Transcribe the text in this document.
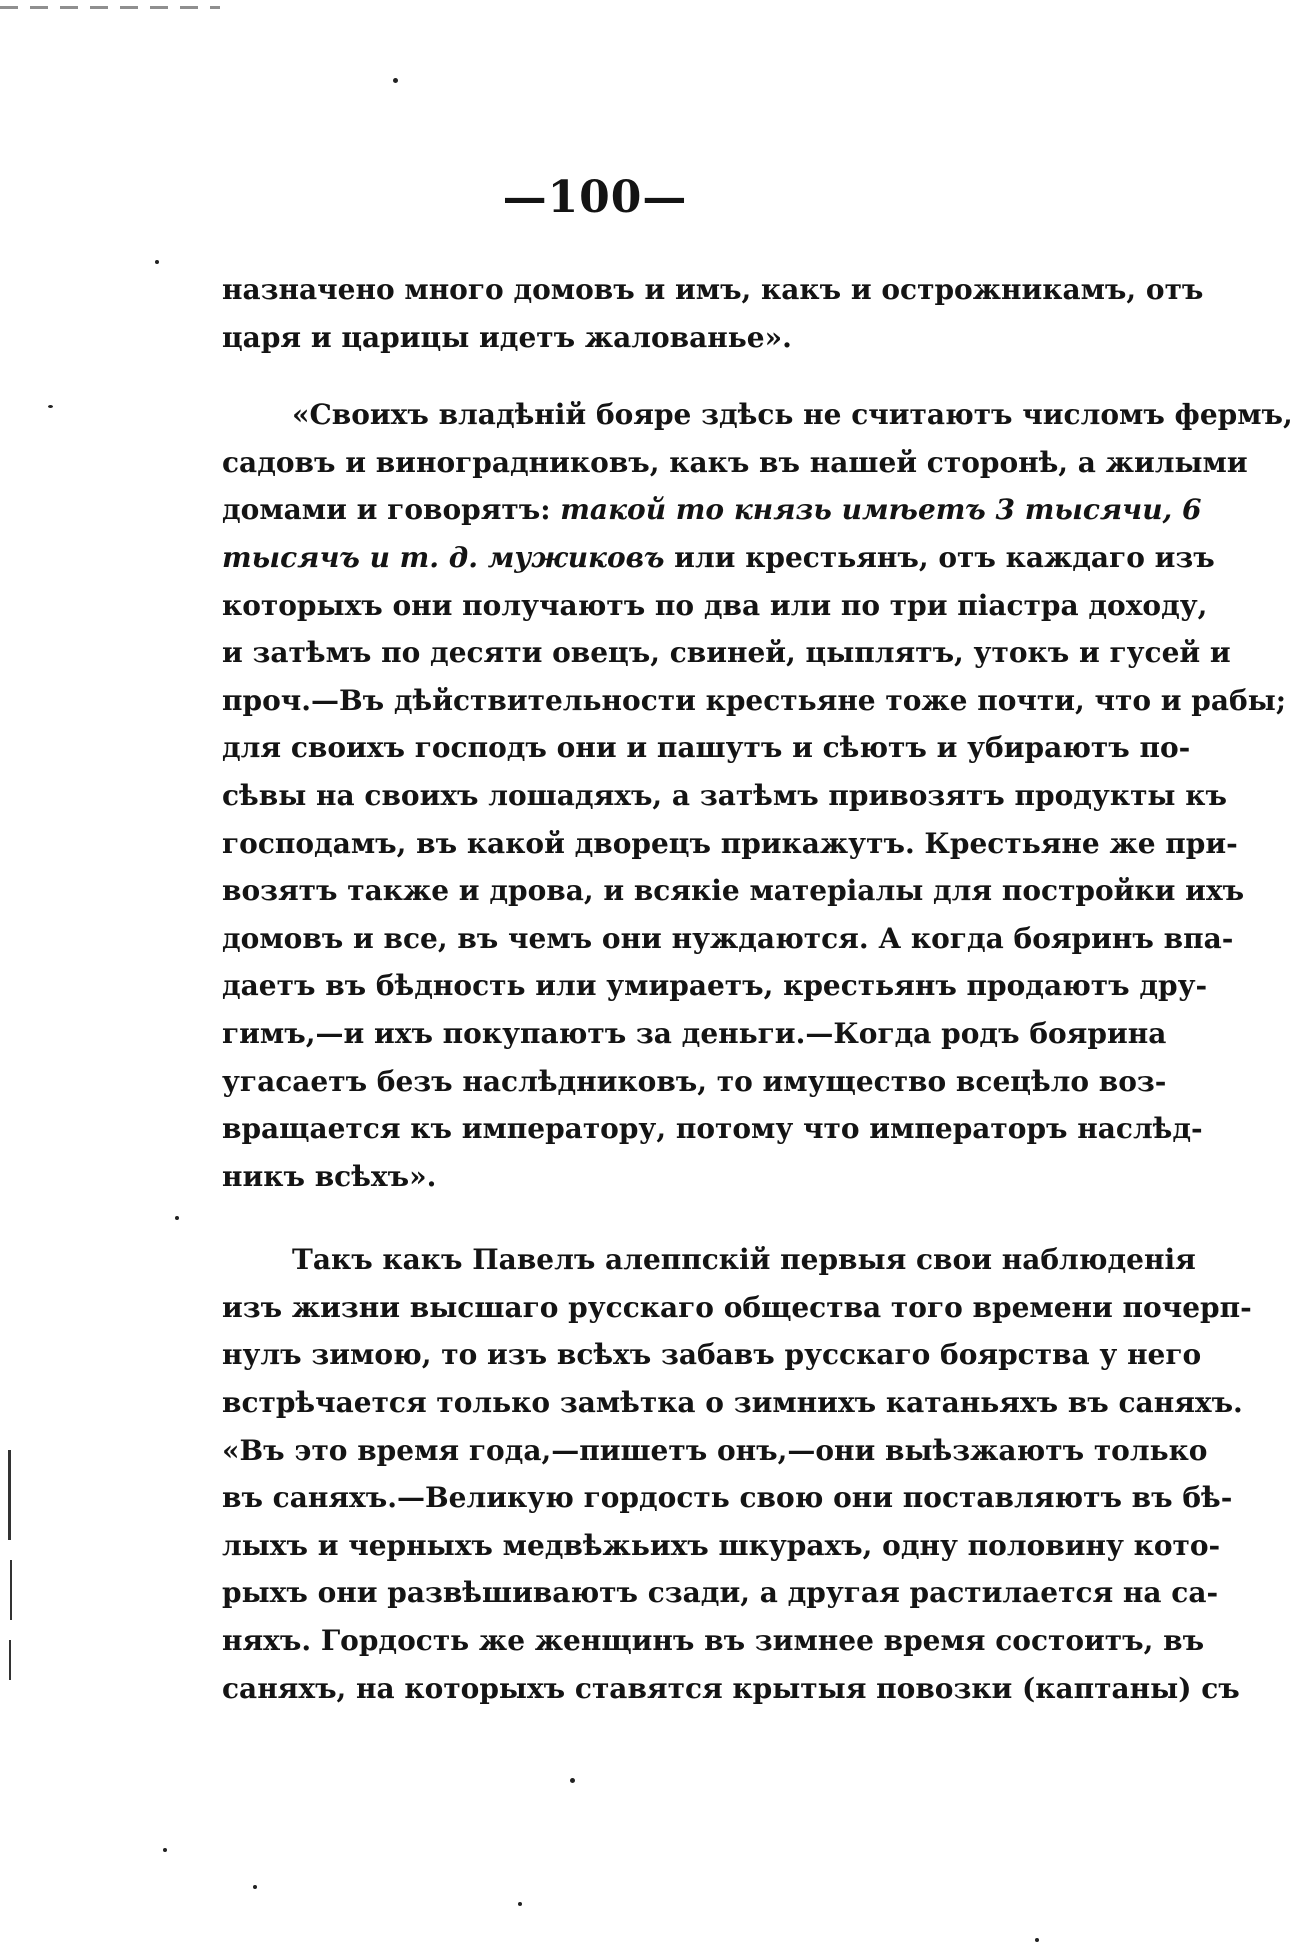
—100—
назначено много домовъ и имъ, какъ и острожникамъ, отъ
царя и царицы идетъ жалованье».
«Своихъ владѣній бояре здѣсь не считаютъ числомъ фермъ,
садовъ и виноградниковъ, какъ въ нашей сторонѣ, а жилыми
домами и говорятъ: такой то князь имѣетъ 3 тысячи, 6
тысячъ и т. д. мужиковъ или крестьянъ, отъ каждаго изъ
которыхъ они получаютъ по два или по три піастра доходу,
и затѣмъ по десяти овецъ, свиней, цыплятъ, утокъ и гусей и
проч.—Въ дѣйствительности крестьяне тоже почти, что и рабы;
для своихъ господъ они и пашутъ и сѣютъ и убираютъ по-
сѣвы на своихъ лошадяхъ, а затѣмъ привозятъ продукты къ
господамъ, въ какой дворецъ прикажутъ. Крестьяне же при-
возятъ также и дрова, и всякіе матеріалы для постройки ихъ
домовъ и все, въ чемъ они нуждаются. А когда бояринъ впа-
даетъ въ бѣдность или умираетъ, крестьянъ продаютъ дру-
гимъ,—и ихъ покупаютъ за деньги.—Когда родъ боярина
угасаетъ безъ наслѣдниковъ, то имущество всецѣло воз-
вращается къ императору, потому что императоръ наслѣд-
никъ всѣхъ».
Такъ какъ Павелъ алеппскій первыя свои наблюденія
изъ жизни высшаго русскаго общества того времени почерп-
нулъ зимою, то изъ всѣхъ забавъ русскаго боярства у него
встрѣчается только замѣтка о зимнихъ катаньяхъ въ саняхъ.
«Въ это время года,—пишетъ онъ,—они выѣзжаютъ только
въ саняхъ.—Великую гордость свою они поставляютъ въ бѣ-
лыхъ и черныхъ медвѣжьихъ шкурахъ, одну половину кото-
рыхъ они развѣшиваютъ сзади, а другая растилается на са-
няхъ. Гордость же женщинъ въ зимнее время состоитъ, въ
саняхъ, на которыхъ ставятся крытыя повозки (каптаны) съ
